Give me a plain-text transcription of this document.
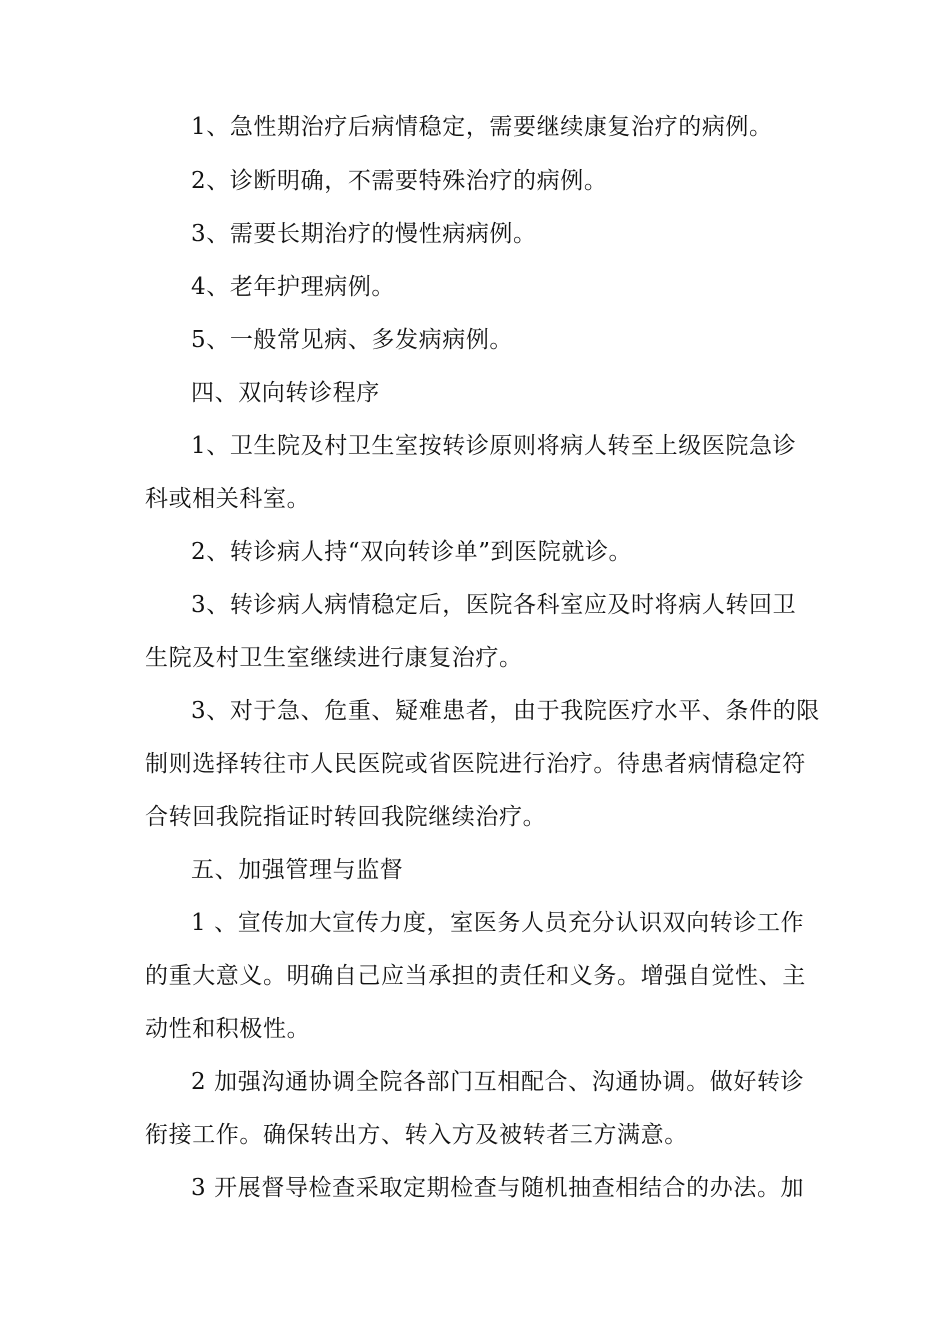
1、急性期治疗后病情稳定，需要继续康复治疗的病例。
2、诊断明确，不需要特殊治疗的病例。
3、需要长期治疗的慢性病病例。
4、老年护理病例。
5、一般常见病、多发病病例。
四、双向转诊程序
1、卫生院及村卫生室按转诊原则将病人转至上级医院急诊
科或相关科室。
2、转诊病人持“双向转诊单”到医院就诊。
3、转诊病人病情稳定后，医院各科室应及时将病人转回卫
生院及村卫生室继续进行康复治疗。
3、对于急、危重、疑难患者，由于我院医疗水平、条件的限
制则选择转往市人民医院或省医院进行治疗。待患者病情稳定符
合转回我院指证时转回我院继续治疗。
五、加强管理与监督
1 、宣传加大宣传力度，室医务人员充分认识双向转诊工作
的重大意义。明确自己应当承担的责任和义务。增强自觉性、主
动性和积极性。
2 加强沟通协调全院各部门互相配合、沟通协调。做好转诊
衔接工作。确保转出方、转入方及被转者三方满意。
3 开展督导检查采取定期检查与随机抽查相结合的办法。加
